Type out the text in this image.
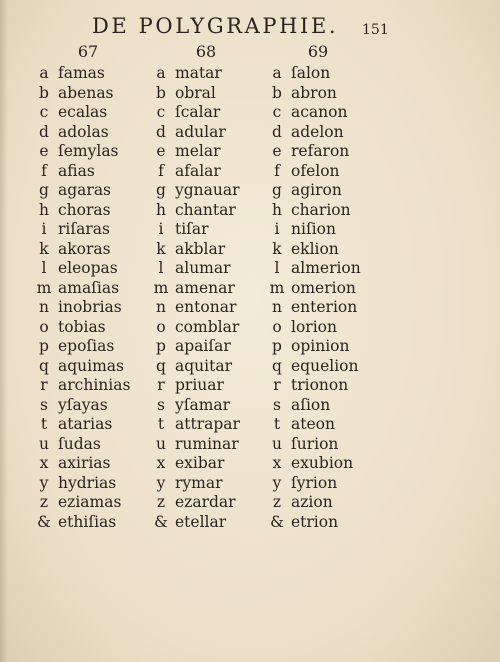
DE POLYGRAPHIE. 151
67
a famas
b abenas
c ecalas
d adolas
e ſemylas
f afias
g agaras
h choras
i riſaras
k akoras
l eleopas
m amaſias
n inobrias
o tobias
p epoſias
q aquimas
r archinias
s yſayas
t atarias
u ſudas
x axirias
y hydrias
z eziamas
& ethiſias
68
a matar
b obral
c ſcalar
d adular
e melar
f afalar
g ygnauar
h chantar
i tiſar
k akblar
l alumar
m amenar
n entonar
o comblar
p apaiſar
q aquitar
r priuar
s yſamar
t attrapar
u ruminar
x exibar
y rymar
z ezardar
& etellar
69
a ſalon
b abron
c acanon
d adelon
e refaron
f ofelon
g agiron
h charion
i niſion
k eklion
l almerion
m omerion
n enterion
o lorion
p opinion
q equelion
r trionon
s aſion
t ateon
u ſurion
x exubion
y ſyrion
z azion
& etrion
